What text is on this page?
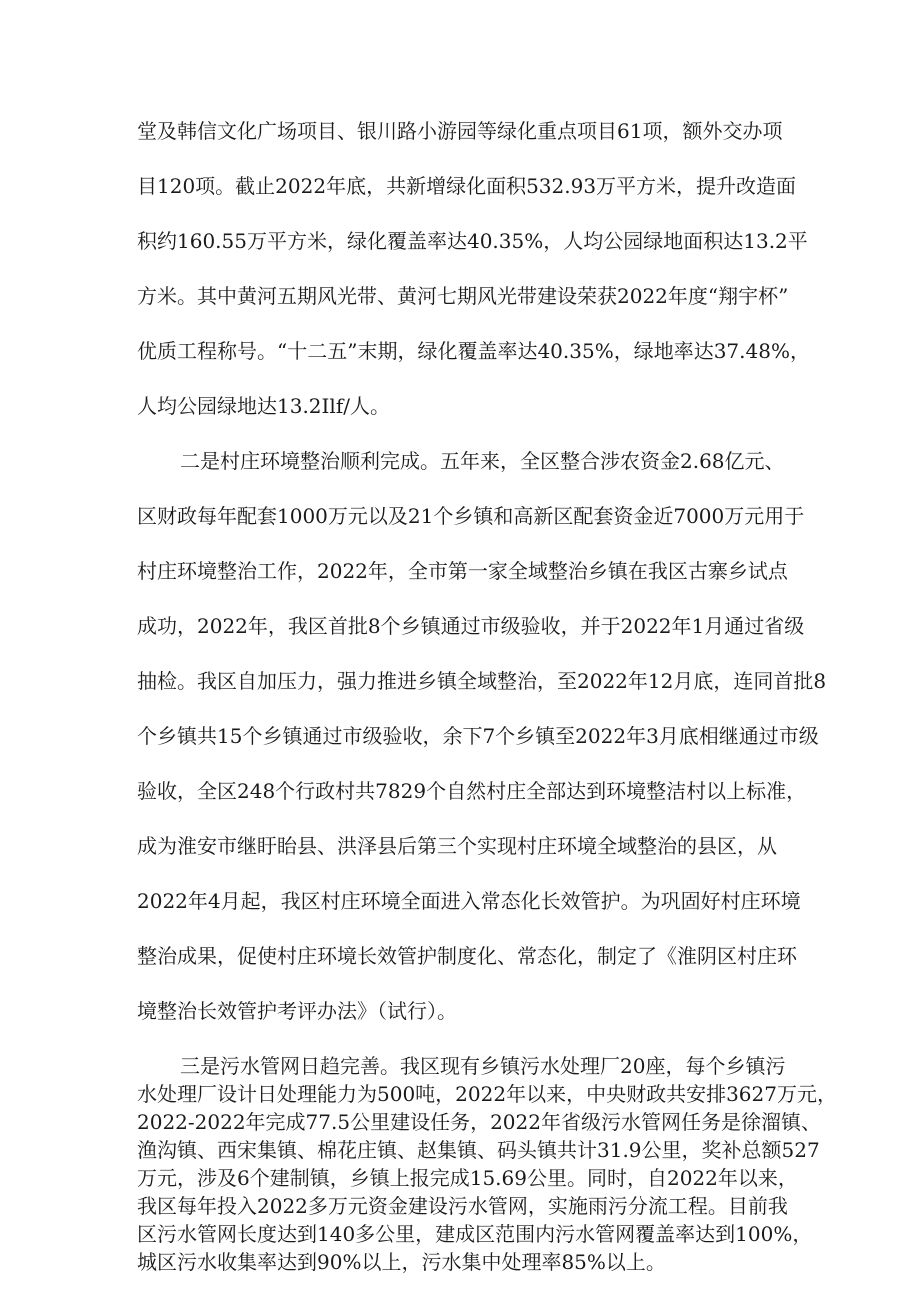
堂及韩信文化广场项目、银川路小游园等绿化重点项目61项，额外交办项
目120项。截止2022年底，共新增绿化面积532.93万平方米，提升改造面
积约160.55万平方米，绿化覆盖率达40.35%，人均公园绿地面积达13.2平
方米。其中黄河五期风光带、黄河七期风光带建设荣获2022年度“翔宇杯”
优质工程称号。“十二五”末期，绿化覆盖率达40.35%，绿地率达37.48%，
人均公园绿地达13.2Ilf/人。
二是村庄环境整治顺利完成。五年来，全区整合涉农资金2.68亿元、
区财政每年配套1000万元以及21个乡镇和高新区配套资金近7000万元用于
村庄环境整治工作，2022年，全市第一家全域整治乡镇在我区古寨乡试点
成功，2022年，我区首批8个乡镇通过市级验收，并于2022年1月通过省级
抽检。我区自加压力，强力推进乡镇全域整治，至2022年12月底，连同首批8
个乡镇共15个乡镇通过市级验收，余下7个乡镇至2022年3月底相继通过市级
验收，全区248个行政村共7829个自然村庄全部达到环境整洁村以上标准，
成为淮安市继盱眙县、洪泽县后第三个实现村庄环境全域整治的县区，从
2022年4月起，我区村庄环境全面进入常态化长效管护。为巩固好村庄环境
整治成果，促使村庄环境长效管护制度化、常态化，制定了《淮阴区村庄环
境整治长效管护考评办法》（试行）。
三是污水管网日趋完善。我区现有乡镇污水处理厂20座，每个乡镇污
水处理厂设计日处理能力为500吨，2022年以来，中央财政共安排3627万元，
2022-2022年完成77.5公里建设任务，2022年省级污水管网任务是徐溜镇、
渔沟镇、西宋集镇、棉花庄镇、赵集镇、码头镇共计31.9公里，奖补总额527
万元，涉及6个建制镇，乡镇上报完成15.69公里。同时，自2022年以来，
我区每年投入2022多万元资金建设污水管网，实施雨污分流工程。目前我
区污水管网长度达到140多公里，建成区范围内污水管网覆盖率达到100%，
城区污水收集率达到90%以上，污水集中处理率85%以上。
